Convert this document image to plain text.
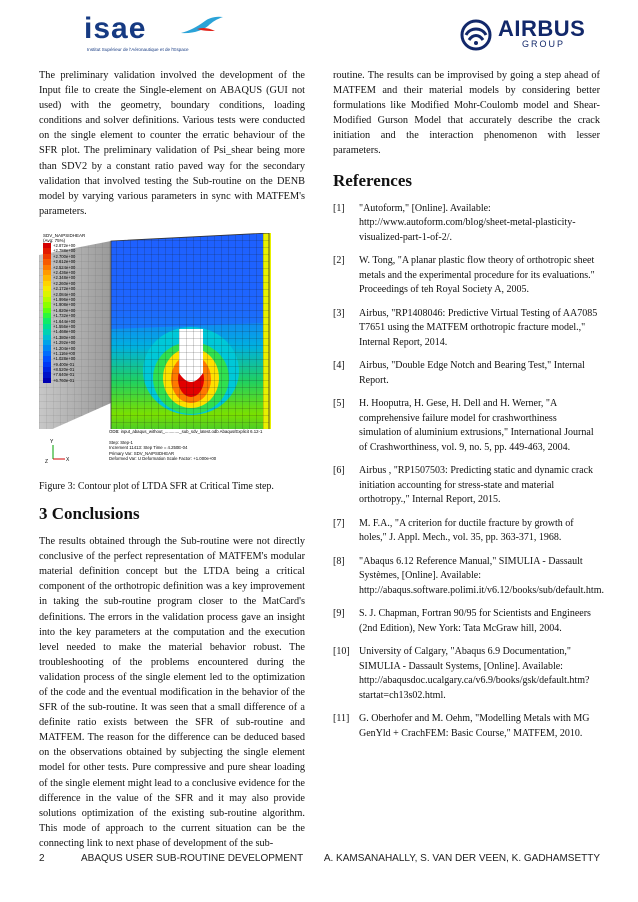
isae
Institut Supérieur de l'Aéronautique et de l'Espace
AIRBUS
GROUP

The preliminary validation involved the development of the Input file to create the Single-element on ABAQUS (GUI not used) with the geometry, boundary conditions, loading conditions and solver definitions. Various tests were conducted on the single element to counter the erratic behaviour of the SFR plot. The preliminary validation of Psi_shear being more than SDV2 by a constant ratio paved way for the secondary validation that involved testing the Sub-routine on the DENB model by varying various parameters in sync with MATFEM's parameters.

Y
X
Z
SDV_NAIPSIDHEAR
(Avg: 75%)
+2.872e+00
+2.788e+00
+2.700e+00
+2.612e+00
+2.524e+00
+2.436e+00
+2.348e+00
+2.260e+00
+2.172e+00
+2.084e+00
+1.996e+00
+1.908e+00
+1.820e+00
+1.732e+00
+1.644e+00
+1.556e+00
+1.468e+00
+1.380e+00
+1.292e+00
+1.204e+00
+1.116e+00
+1.028e+00
+9.400e-01
+8.520e-01
+7.640e-01
+6.760e-01
ODB: input_abaqus_without_............_sub_sdv_latest.odb Abaqus/Explicit 6.12-1
Step: Step-1
Increment 11413: Step Time = 4.250E-04
Primary Var: SDV_NAIPSIDHEAR
Deformed Var: U Deformation Scale Factor: +1.000e+00

Figure 3: Contour plot of LTDA SFR at Critical Time step.

3 Conclusions

The results obtained through the Sub-routine were not directly conclusive of the perfect representation of MATFEM's modular material definition concept but the LTDA being a critical component of the orthotropic definition was a key improvement in taking the sub-routine program closer to the MatCard's definitions. The errors in the validation process gave an insight into the key parameters at the computation and the execution level needed to make the material behavior robust. The troubleshooting of the problems encountered during the validation process of the single element led to the optimization of the code and the eventual modification in the behavior of the SFR of the sub-routine. It was seen that a small difference of a definite ratio exists between the SFR of sub-routine and MATFEM. The reason for the difference can be deduced based on the observations obtained by subjecting the single element model for other tests. Pure compressive and pure shear loading of the single element might lead to a conclusive evidence for the difference in the value of the SFR and it may also provide solutions optimization of the existing sub-routine algorithm. This mode of approach to the current situation can be the connecting link to next phase of development of the sub-

routine. The results can be improvised by going a step ahead of MATFEM and their material models by considering better formulations like Modified Mohr-Coulomb model and Shear-Modified Gurson Model that accurately describe the crack initiation and the interaction phenomenon with lesser parameters.

References
[1]	"Autoform," [Online]. Available: http://www.autoform.com/blog/sheet-metal-plasticity-visualized-part-1-of-2/.
[2]	W. Tong, "A planar plastic flow theory of orthotropic sheet metals and the experimental procedure for its evaluations." Proceedings of teh Royal Society A, 2005.
[3]	Airbus, "RP1408046: Predictive Virtual Testing of AA7085 T7651 using the MATFEM orthotropic fracture model.," Internal Report, 2014.
[4]	Airbus, "Double Edge Notch and Bearing Test," Internal Report.
[5]	H. Hooputra, H. Gese, H. Dell and H. Werner, "A comprehensive failure model for crashworthiness simulation of aluminium extrusions," International Journal of Crashworthiness, vol. 9, no. 5, pp. 449-463, 2004.
[6]	Airbus , "RP1507503: Predicting static and dynamic crack initiation accounting for stress-state and material orthotropy.," Internal Report, 2015.
[7]	M. F.A., "A criterion for ductile fracture by growth of holes," J. Appl. Mech., vol. 35, pp. 363-371, 1968.
[8]	"Abaqus 6.12 Reference Manual," SIMULIA - Dassault Systèmes, [Online]. Available: http://abaqus.software.polimi.it/v6.12/books/sub/default.htm.
[9]	S. J. Chapman, Fortran 90/95 for Scientists and Engineers (2nd Edition), New York: Tata McGraw hill, 2004.
[10] University of Calgary, "Abaqus 6.9 Documentation," SIMULIA - Dassault Systems, [Online]. Available: http://abaqusdoc.ucalgary.ca/v6.9/books/gsk/default.htm?startat=ch13s02.html.
[11] G. Oberhofer and M. Oehm, "Modelling Metals with MG GenYld + CrachFEM: Basic Course," MATFEM, 2010.
2	ABAQUS USER SUB-ROUTINE DEVELOPMENT A. KAMSANAHALLY, S. VAN DER VEEN, K. GADHAMSETTY
